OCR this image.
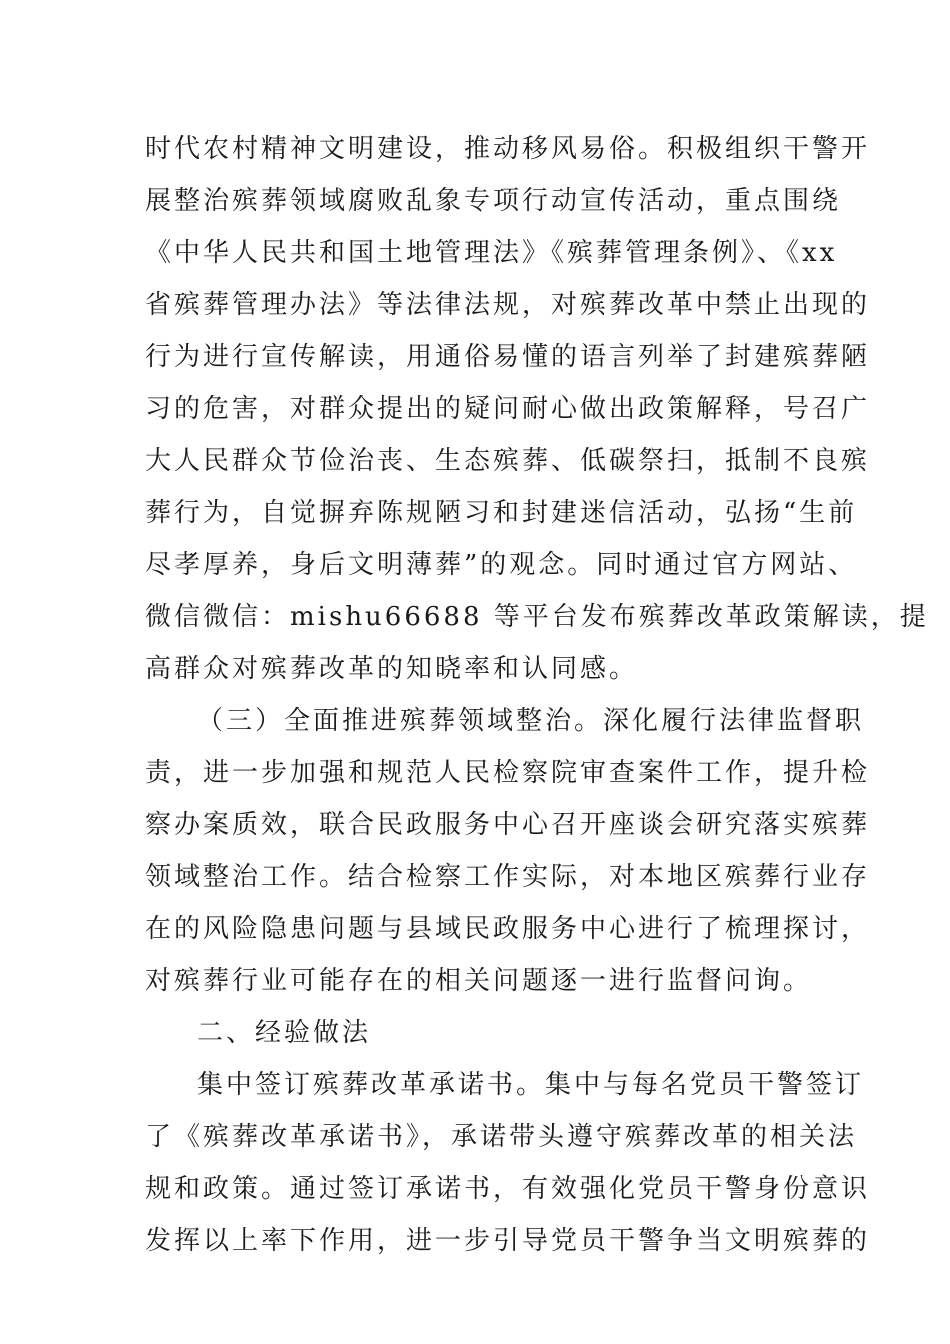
时代农村精神文明建设，推动移风易俗。积极组织干警开
展整治殡葬领域腐败乱象专项行动宣传活动，重点围绕
《中华人民共和国土地管理法》《殡葬管理条例》、《xx
省殡葬管理办法》等法律法规，对殡葬改革中禁止出现的
行为进行宣传解读，用通俗易懂的语言列举了封建殡葬陋
习的危害，对群众提出的疑问耐心做出政策解释，号召广
大人民群众节俭治丧、生态殡葬、低碳祭扫，抵制不良殡
葬行为，自觉摒弃陈规陋习和封建迷信活动，弘扬“生前
尽孝厚养，身后文明薄葬”的观念。同时通过官方网站、
微信微信：mishu66688 等平台发布殡葬改革政策解读，提
高群众对殡葬改革的知晓率和认同感。
（三）全面推进殡葬领域整治。深化履行法律监督职
责，进一步加强和规范人民检察院审查案件工作，提升检
察办案质效，联合民政服务中心召开座谈会研究落实殡葬
领域整治工作。结合检察工作实际，对本地区殡葬行业存
在的风险隐患问题与县域民政服务中心进行了梳理探讨，
对殡葬行业可能存在的相关问题逐一进行监督问询。
二、经验做法
集中签订殡葬改革承诺书。集中与每名党员干警签订
了《殡葬改革承诺书》，承诺带头遵守殡葬改革的相关法
规和政策。通过签订承诺书，有效强化党员干警身份意识
发挥以上率下作用，进一步引导党员干警争当文明殡葬的
